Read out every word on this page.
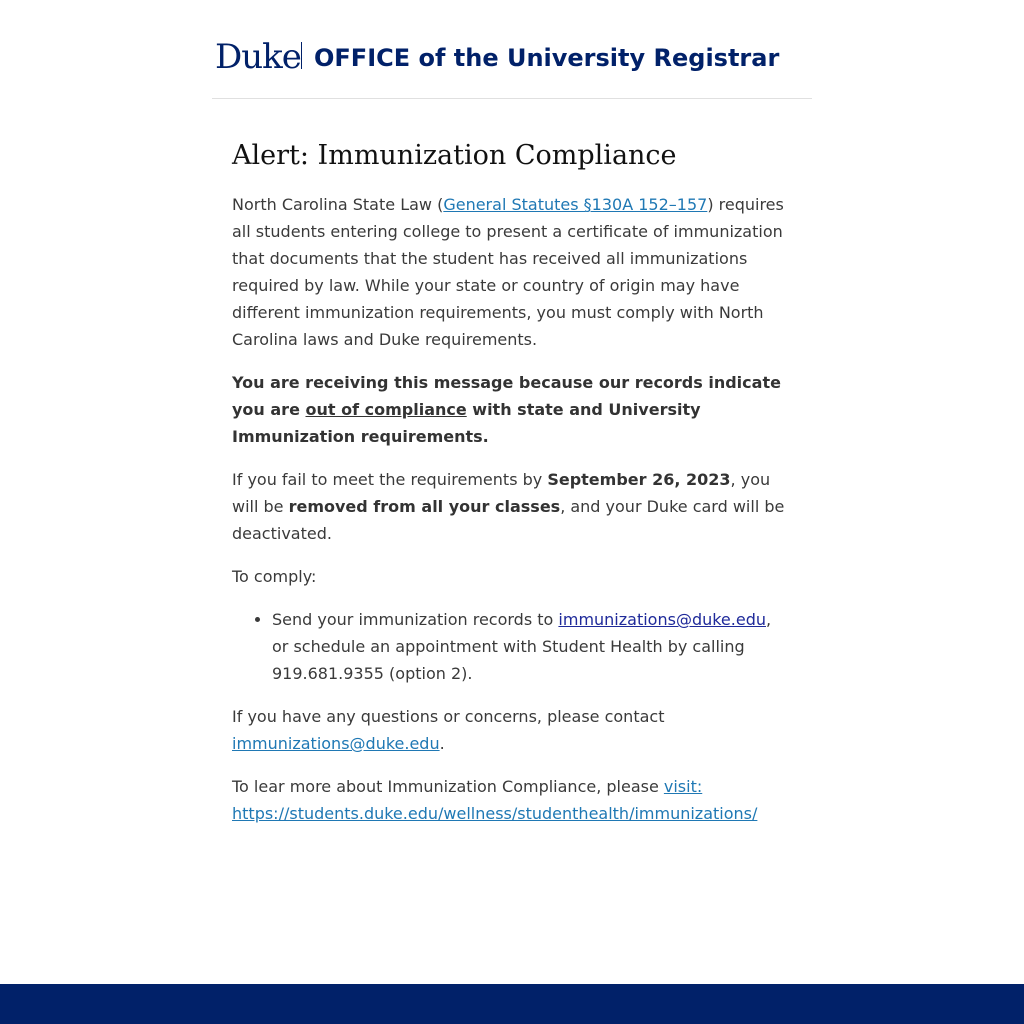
Duke OFFICE of the University Registrar
Alert: Immunization Compliance

North Carolina State Law (General Statutes §130A 152–157) requires all students entering college to present a certificate of immunization that documents that the student has received all immunizations required by law. While your state or country of origin may have different immunization requirements, you must comply with North Carolina laws and Duke requirements.

You are receiving this message because our records indicate you are out of compliance with state and University Immunization requirements.

If you fail to meet the requirements by September 26, 2023, you will be removed from all your classes, and your Duke card will be deactivated.

To comply:

• Send your immunization records to immunizations@duke.edu, or schedule an appointment with Student Health by calling 919.681.9355 (option 2).

If you have any questions or concerns, please contact immunizations@duke.edu.

To lear more about Immunization Compliance, please visit: https://students.duke.edu/wellness/studenthealth/immunizations/
